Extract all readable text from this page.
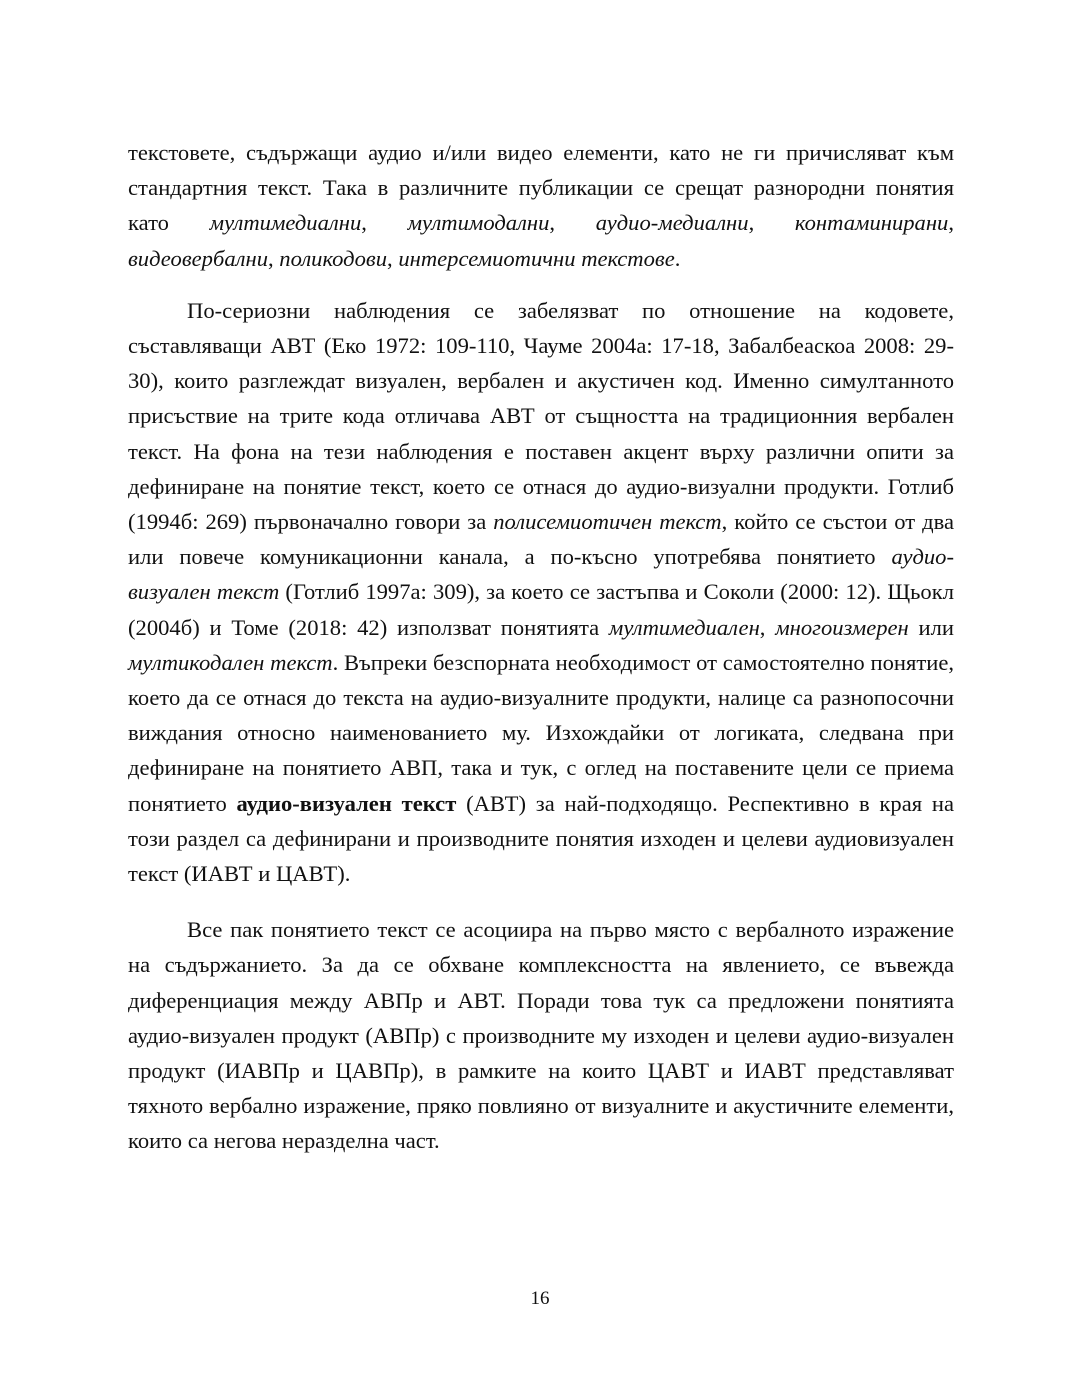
текстовете, съдържащи аудио и/или видео елементи, като не ги причисляват към стандартния текст. Така в различните публикации се срещат разнородни понятия като мултимедиални, мултимодални, аудио-медиални, контаминирани, видеовербални, поликодови, интерсемиотични текстове.

По-сериозни наблюдения се забелязват по отношение на кодовете, съставляващи АВТ (Еко 1972: 109-110, Чауме 2004а: 17-18, Забалбеаскоа 2008: 29-30), които разглеждат визуален, вербален и акустичен код. Именно симултанното присъствие на трите кода отличава АВТ от същността на традиционния вербален текст. На фона на тези наблюдения е поставен акцент върху различни опити за дефиниране на понятие текст, което се отнася до аудио-визуални продукти. Готлиб (1994б: 269) първоначално говори за полисемиотичен текст, който се състои от два или повече комуникационни канала, а по-късно употребява понятието аудио-визуален текст (Готлиб 1997а: 309), за което се застъпва и Соколи (2000: 12). Щьокл (2004б) и Томе (2018: 42) използват понятията мултимедиален, многоизмерен или мултикодален текст. Въпреки безспорната необходимост от самостоятелно понятие, което да се отнася до текста на аудио-визуалните продукти, налице са разнопосочни виждания относно наименованието му. Изхождайки от логиката, следвана при дефиниране на понятието АВП, така и тук, с оглед на поставените цели се приема понятието аудио-визуален текст (АВТ) за най-подходящо. Респективно в края на този раздел са дефинирани и производните понятия изходен и целеви аудиовизуален текст (ИАВТ и ЦАВТ).

Все пак понятието текст се асоциира на първо място с вербалното изражение на съдържанието. За да се обхване комплексността на явлението, се въвежда диференциация между АВПр и АВТ. Поради това тук са предложени понятията аудио-визуален продукт (АВПр) с производните му изходен и целеви аудио-визуален продукт (ИАВПр и ЦАВПр), в рамките на които ЦАВТ и ИАВТ представляват тяхното вербално изражение, пряко повлияно от визуалните и акустичните елементи, които са негова неразделна част.

16
